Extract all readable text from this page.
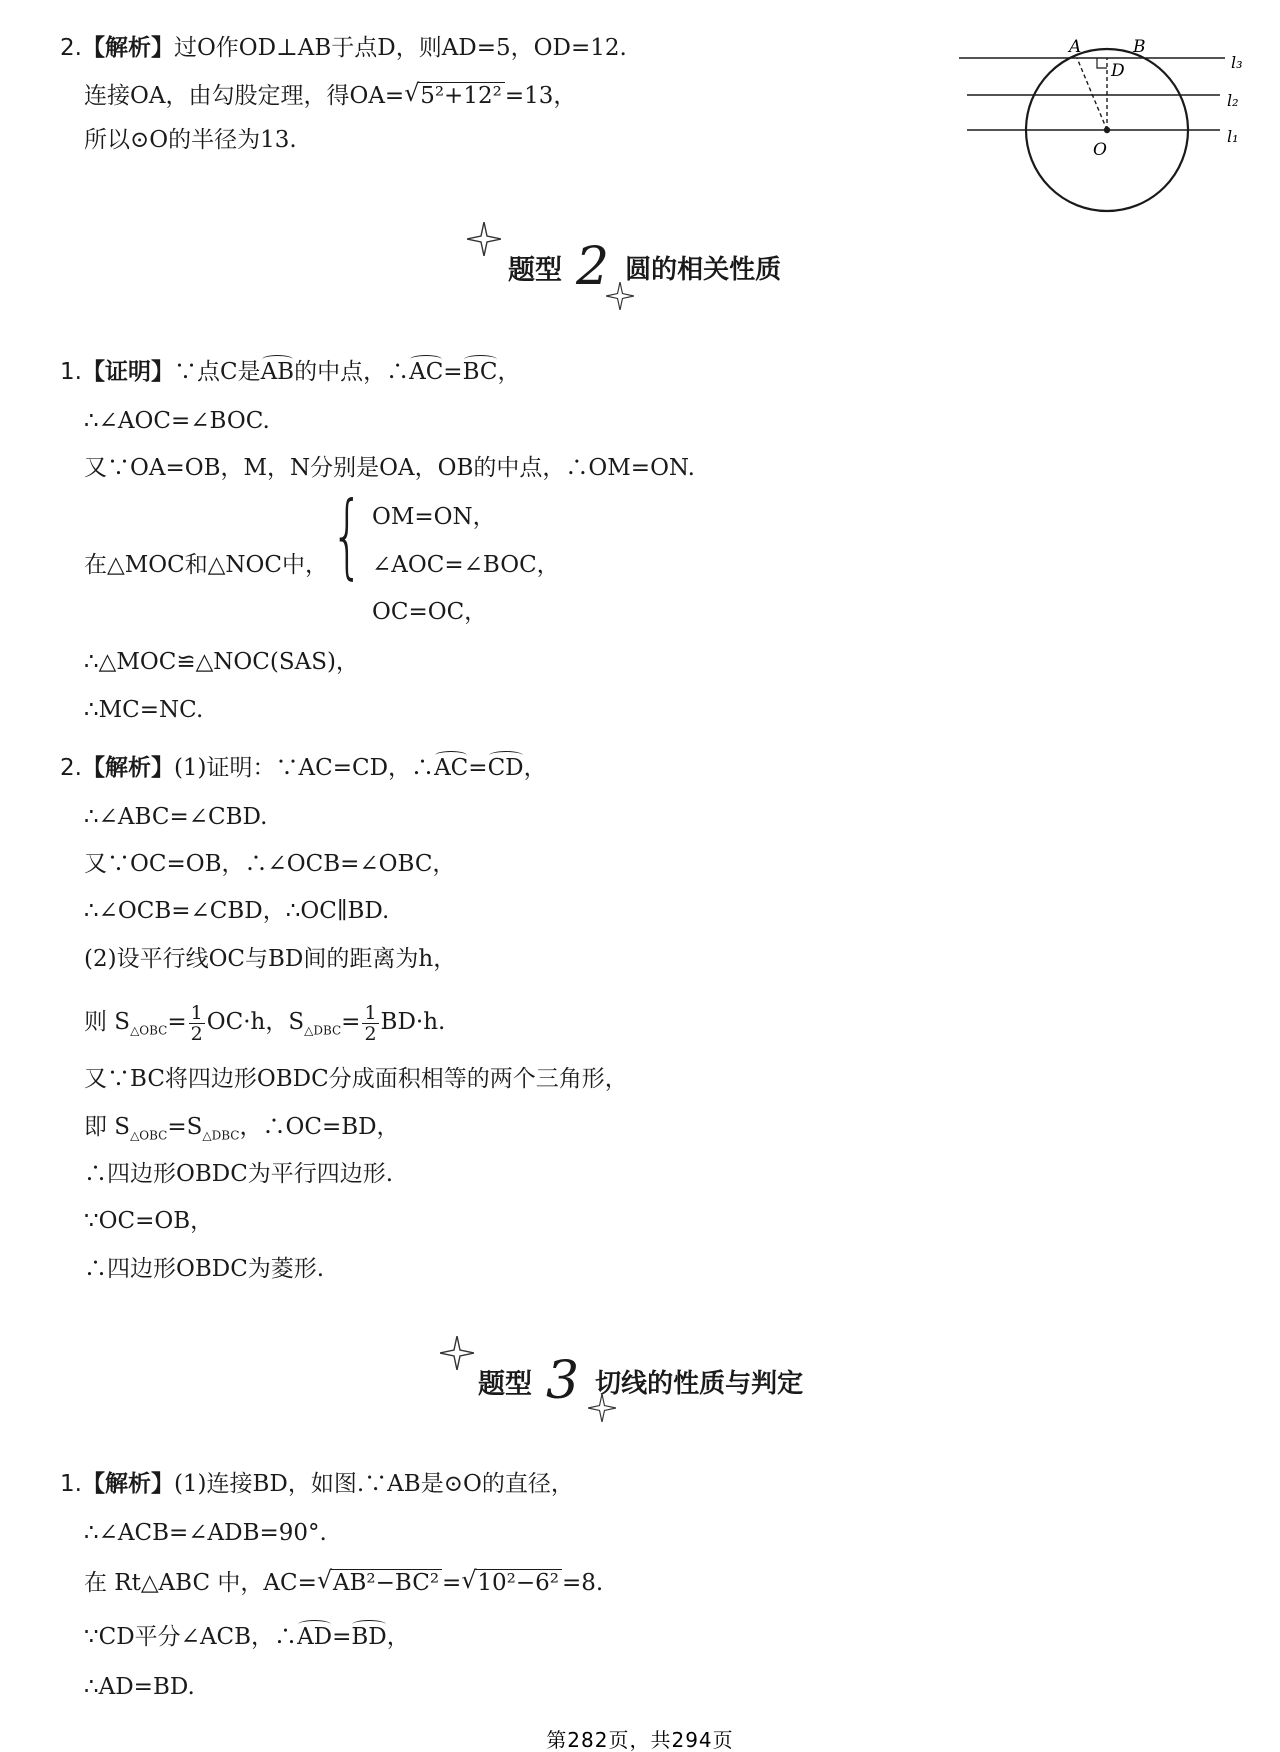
2.【解析】过O作OD⊥AB于点D，则AD=5，OD=12.
连接OA，由勾股定理，得OA= √ 5²+12² =13，
所以⊙O的半径为13.
A	B
D
O
l₃
l₂
l₁
题型 2 圆的相关性质
1.【证明】∵点C是AB的中点，∴AC=BC，
∴∠AOC=∠BOC.
又∵OA=OB，M，N分别是OA，OB的中点，∴OM=ON.
在△MOC和△NOC中， { OM=ON，
∠AOC=∠BOC，
OC=OC，
∴△MOC≌△NOC(SAS)，
∴MC=NC.
2.【解析】(1)证明：∵AC=CD，∴AC=CD，
∴∠ABC=∠CBD.
又∵OC=OB，∴∠OCB=∠OBC，
∴∠OCB=∠CBD，∴OC∥BD.
(2)设平行线OC与BD间的距离为h，
则 $S_{\triangle OBC}= \frac{1}{2} OC\cdot h$，$S_{\triangle DBC}= \frac{1}{2} BD\cdot h$.
又∵BC将四边形OBDC分成面积相等的两个三角形，
即 $S_{\triangle OBC}=S_{\triangle DBC}$，∴OC=BD，
∴四边形OBDC为平行四边形.
∵OC=OB，
∴四边形OBDC为菱形.
题型 3 切线的性质与判定
1.【解析】(1)连接BD，如图.∵AB是⊙O的直径，
∴∠ACB=∠ADB=90°.
在 Rt△ABC 中，AC= √ AB²−BC² = √ 10²−6² =8.
∵CD平分∠ACB，∴AD=BD，
∴AD=BD.
第282页，共294页
